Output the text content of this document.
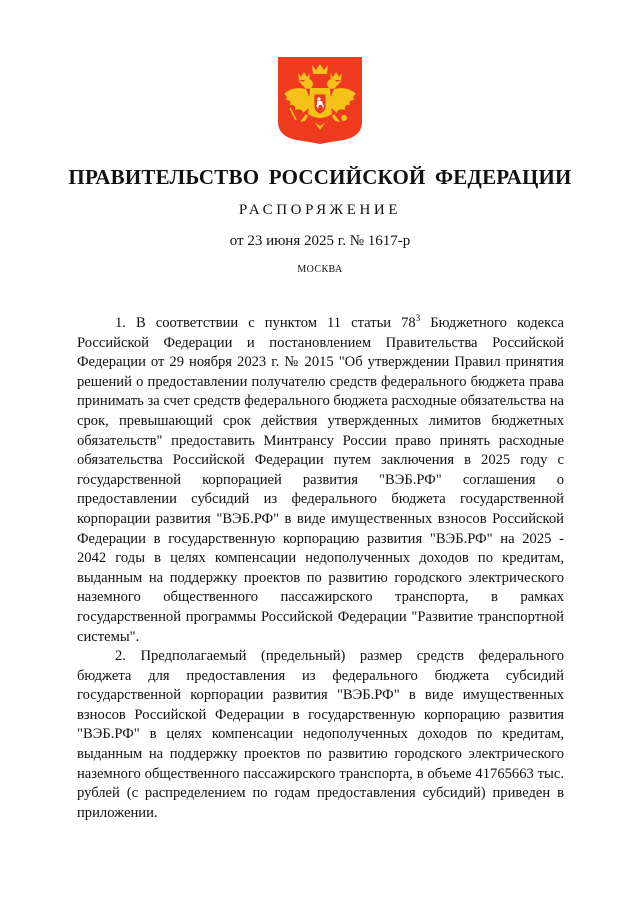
ПРАВИТЕЛЬСТВО РОССИЙСКОЙ ФЕДЕРАЦИИ
РАСПОРЯЖЕНИЕ
от 23 июня 2025 г. № 1617-р
МОСКВА

1. В соответствии с пунктом 11 статьи $78^3$ Бюджетного кодекса Российской Федерации и постановлением Правительства Российской Федерации от 29 ноября 2023 г. № 2015 "Об утверждении Правил принятия решений о предоставлении получателю средств федерального бюджета права принимать за счет средств федерального бюджета расходные обязательства на срок, превышающий срок действия утвержденных лимитов бюджетных обязательств" предоставить Минтрансу России право принять расходные обязательства Российской Федерации путем заключения в 2025 году с государственной корпорацией развития "ВЭБ.РФ" соглашения о предоставлении субсидий из федерального бюджета государственной корпорации развития "ВЭБ.РФ" в виде имущественных взносов Российской Федерации в государственную корпорацию развития "ВЭБ.РФ" на 2025 - 2042 годы в целях компенсации недополученных доходов по кредитам, выданным на поддержку проектов по развитию городского электрического наземного общественного пассажирского транспорта, в рамках государственной программы Российской Федерации "Развитие транспортной системы".

2. Предполагаемый (предельный) размер средств федерального бюджета для предоставления из федерального бюджета субсидий государственной корпорации развития "ВЭБ.РФ" в виде имущественных взносов Российской Федерации в государственную корпорацию развития "ВЭБ.РФ" в целях компенсации недополученных доходов по кредитам, выданным на поддержку проектов по развитию городского электрического наземного общественного пассажирского транспорта, в объеме 41765663 тыс. рублей (с распределением по годам предоставления субсидий) приведен в приложении.
